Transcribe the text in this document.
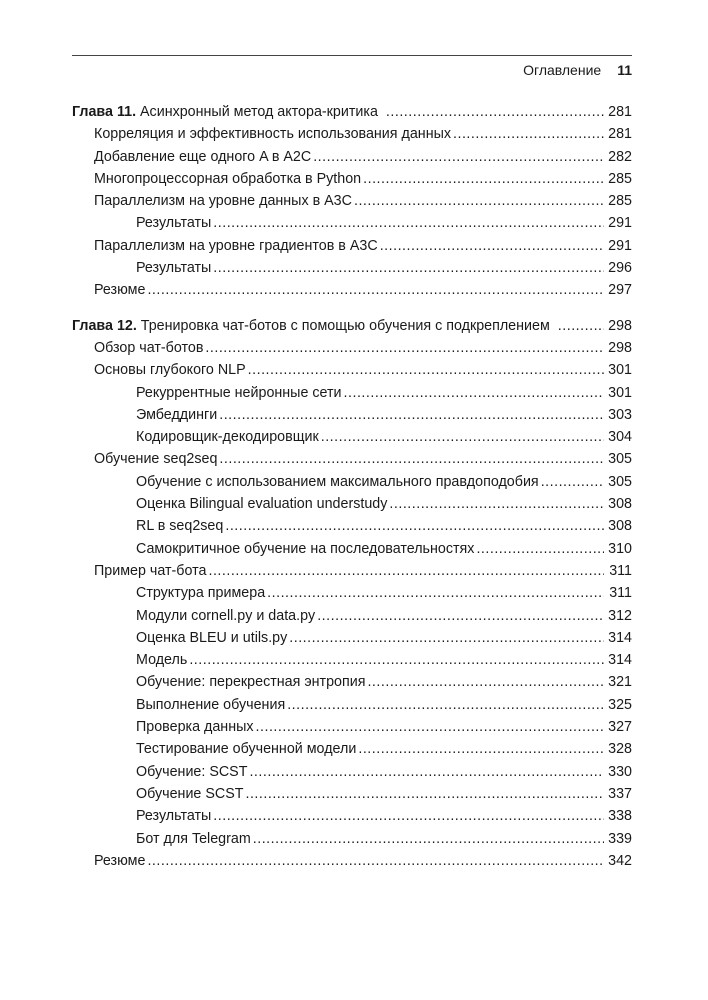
Оглавление 11
Глава 11. Асинхронный метод актора-критика .....	281
Корреляция и эффективность использования данных .....	281
Добавление еще одного A в A2C .....	282
Многопроцессорная обработка в Python .....	285
Параллелизм на уровне данных в A3C .....	285
Результаты .....	291
Параллелизм на уровне градиентов в A3C .....	291
Результаты .....	296
Резюме .....	297
Глава 12. Тренировка чат-ботов с помощью обучения с подкреплением .....	298
Обзор чат-ботов .....	298
Основы глубокого NLP .....	301
Рекуррентные нейронные сети .....	301
Эмбеддинги .....	303
Кодировщик-декодировщик .....	304
Обучение seq2seq .....	305
Обучение с использованием максимального правдоподобия .....	305
Оценка Bilingual evaluation understudy .....	308
RL в seq2seq .....	308
Самокритичное обучение на последовательностях .....	310
Пример чат-бота .....	311
Структура примера .....	311
Модули cornell.py и data.py .....	312
Оценка BLEU и utils.py .....	314
Модель .....	314
Обучение: перекрестная энтропия .....	321
Выполнение обучения .....	325
Проверка данных .....	327
Тестирование обученной модели .....	328
Обучение: SCST .....	330
Обучение SCST .....	337
Результаты .....	338
Бот для Telegram .....	339
Резюме .....	342
